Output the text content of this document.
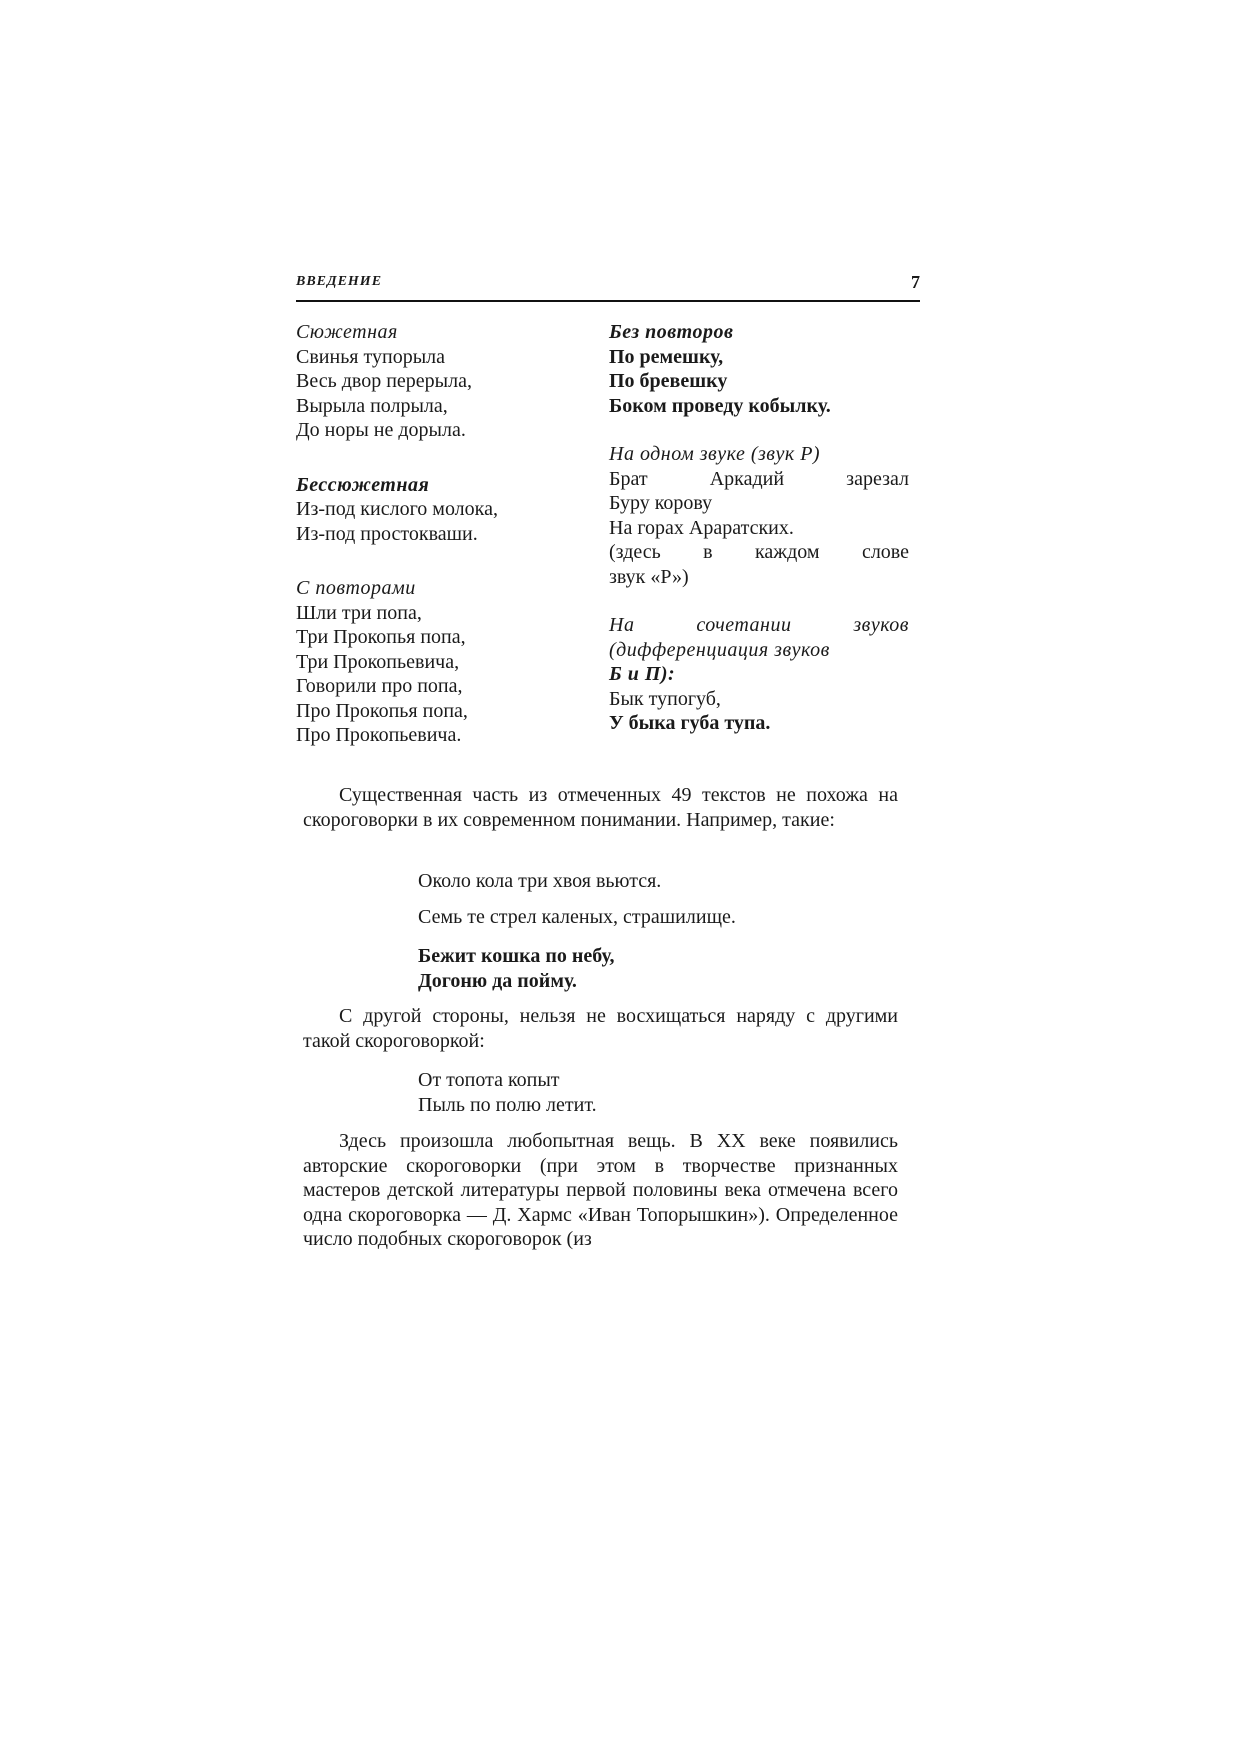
ВВЕДЕНИЕ	7
Сюжетная
Свинья тупорыла
Весь двор перерыла,
Вырыла полрыла,
До норы не дорыла.
Бессюжетная
Из-под кислого молока,
Из-под простокваши.
С повторами
Шли три попа,
Три Прокопья попа,
Три Прокопьевича,
Говорили про попа,
Про Прокопья попа,
Про Прокопьевича.
Без повторов
По ремешку,
По бревешку
Боком проведу кобылку.
На одном звуке (звук Р)
Брат Аркадий зарезал
Буру корову
На горах Араратских.
(здесь в каждом слове
звук «Р»)
На сочетании звуков
(дифференциация звуков
Б и П):
Бык тупогуб,
У быка губа тупа.
Существенная часть из отмеченных 49 текстов не похожа на скороговорки в их современном понимании. Например, такие:
Около кола три хвоя вьются.
Семь те стрел каленых, страшилище.
Бежит кошка по небу,
Догоню да пойму.
С другой стороны, нельзя не восхищаться наряду с другими такой скороговоркой:
От топота копыт
Пыль по полю летит.
Здесь произошла любопытная вещь. В XX веке появились авторские скороговорки (при этом в творчестве признанных мастеров детской литературы первой половины века отмечена всего одна скороговорка — Д. Хармс «Иван Топорышкин»). Определенное число подобных скороговорок (из
